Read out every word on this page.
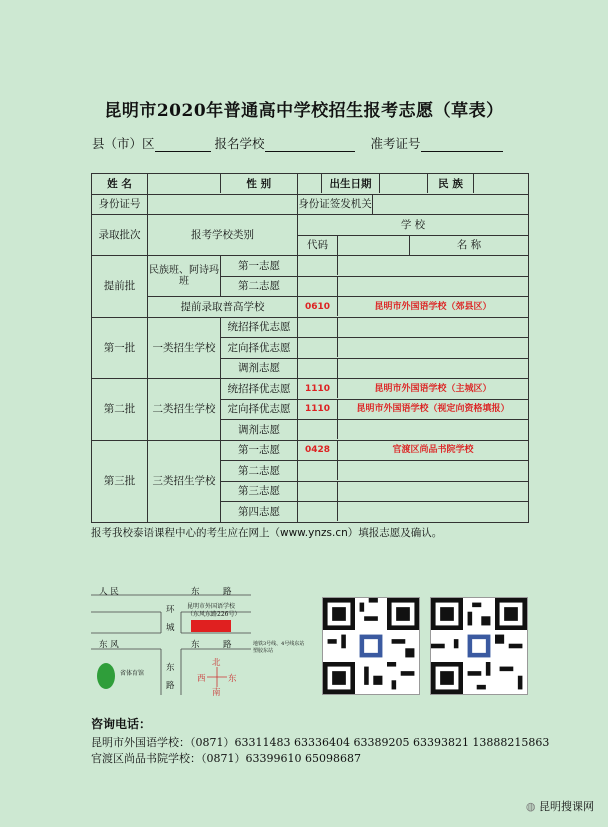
昆明市2020年普通高中学校招生报考志愿（草表）
县（市）区	报名学校	准考证号
姓 名	性 别		出生日期 民 族		

身份证号	身份证签发机关				

录取批次	报考学校类别		学 校		

代码		名 称
提前批	民族班、阿诗玛班	第一志愿			

		第二志愿			

	提前录取普高学校		0610 昆明市外国语学校（郊县区）		

第一批	一类招生学校	统招择优志愿			

		定向择优志愿			

		调剂志愿			

第二批	二类招生学校	统招择优志愿	1110 昆明市外国语学校（主城区）		

		定向择优志愿	1110 昆明市外国语学校（视定向资格填报）		

		调剂志愿			

第三批	三类招生学校	第一志愿	0428 官渡区尚品书院学校		

		第二志愿			

		第三志愿			

		第四志愿			
报考我校泰语课程中心的考生应在网上（www.ynzs.cn）填报志愿及确认。
人 民	东	路
环
城
昆明市外国语学校
（东风东路226号）
东 风	东	路
省体育馆
东
路
北
南
西	东
地铁3号线、4号线东站
塑胶东站
咨询电话：
昆明市外国语学校：（0871）63311483 63336404 63389205 63393821 13888215863
官渡区尚品书院学校：（0871）63399610 65098687
◍ 昆明搜课网
